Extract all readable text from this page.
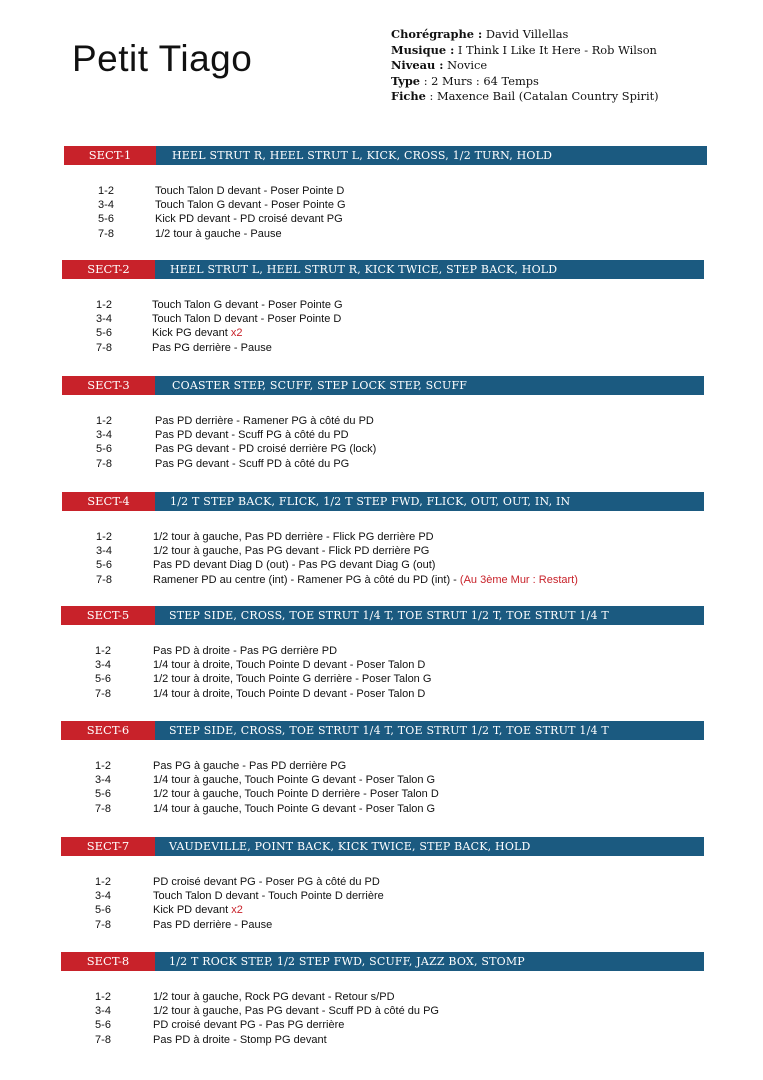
Petit Tiago
Chorégraphe : David Villellas
Musique : I Think I Like It Here - Rob Wilson
Niveau : Novice
Type : 2 Murs : 64 Temps
Fiche : Maxence Bail (Catalan Country Spirit)
SECT-1	HEEL STRUT R, HEEL STRUT L, KICK, CROSS, 1/2 TURN, HOLD
1-2	Touch Talon D devant - Poser Pointe D
3-4	Touch Talon G devant - Poser Pointe G
5-6	Kick PD devant - PD croisé devant PG
7-8	1/2 tour à gauche - Pause
SECT-2	HEEL STRUT L, HEEL STRUT R, KICK TWICE, STEP BACK, HOLD
1-2	Touch Talon G devant - Poser Pointe G
3-4	Touch Talon D devant - Poser Pointe D
5-6	Kick PG devant x2
7-8	Pas PG derrière - Pause
SECT-3	COASTER STEP, SCUFF, STEP LOCK STEP, SCUFF
1-2	Pas PD derrière - Ramener PG à côté du PD
3-4	Pas PD devant - Scuff PG à côté du PD
5-6	Pas PG devant - PD croisé derrière PG (lock)
7-8	Pas PG devant - Scuff PD à côté du PG
SECT-4	1/2 T STEP BACK, FLICK, 1/2 T STEP FWD, FLICK, OUT, OUT, IN, IN
1-2	1/2 tour à gauche, Pas PD derrière - Flick PG derrière PD
3-4	1/2 tour à gauche, Pas PG devant - Flick PD derrière PG
5-6	Pas PD devant Diag D (out) - Pas PG devant Diag G (out)
7-8	Ramener PD au centre (int) - Ramener PG à côté du PD (int) - (Au 3ème Mur : Restart)
SECT-5	STEP SIDE, CROSS, TOE STRUT 1/4 T, TOE STRUT 1/2 T, TOE STRUT 1/4 T
1-2	Pas PD à droite - Pas PG derrière PD
3-4	1/4 tour à droite, Touch Pointe D devant - Poser Talon D
5-6	1/2 tour à droite, Touch Pointe G derrière - Poser Talon G
7-8	1/4 tour à droite, Touch Pointe D devant - Poser Talon D
SECT-6	STEP SIDE, CROSS, TOE STRUT 1/4 T, TOE STRUT 1/2 T, TOE STRUT 1/4 T
1-2	Pas PG à gauche - Pas PD derrière PG
3-4	1/4 tour à gauche, Touch Pointe G devant - Poser Talon G
5-6	1/2 tour à gauche, Touch Pointe D derrière - Poser Talon D
7-8	1/4 tour à gauche, Touch Pointe G devant - Poser Talon G
SECT-7	VAUDEVILLE, POINT BACK, KICK TWICE, STEP BACK, HOLD
1-2	PD croisé devant PG - Poser PG à côté du PD
3-4	Touch Talon D devant - Touch Pointe D derrière
5-6	Kick PD devant x2
7-8	Pas PD derrière - Pause
SECT-8	1/2 T ROCK STEP, 1/2 STEP FWD, SCUFF, JAZZ BOX, STOMP
1-2	1/2 tour à gauche, Rock PG devant - Retour s/PD
3-4	1/2 tour à gauche, Pas PG devant - Scuff PD à côté du PG
5-6	PD croisé devant PG - Pas PG derrière
7-8	Pas PD à droite - Stomp PG devant
